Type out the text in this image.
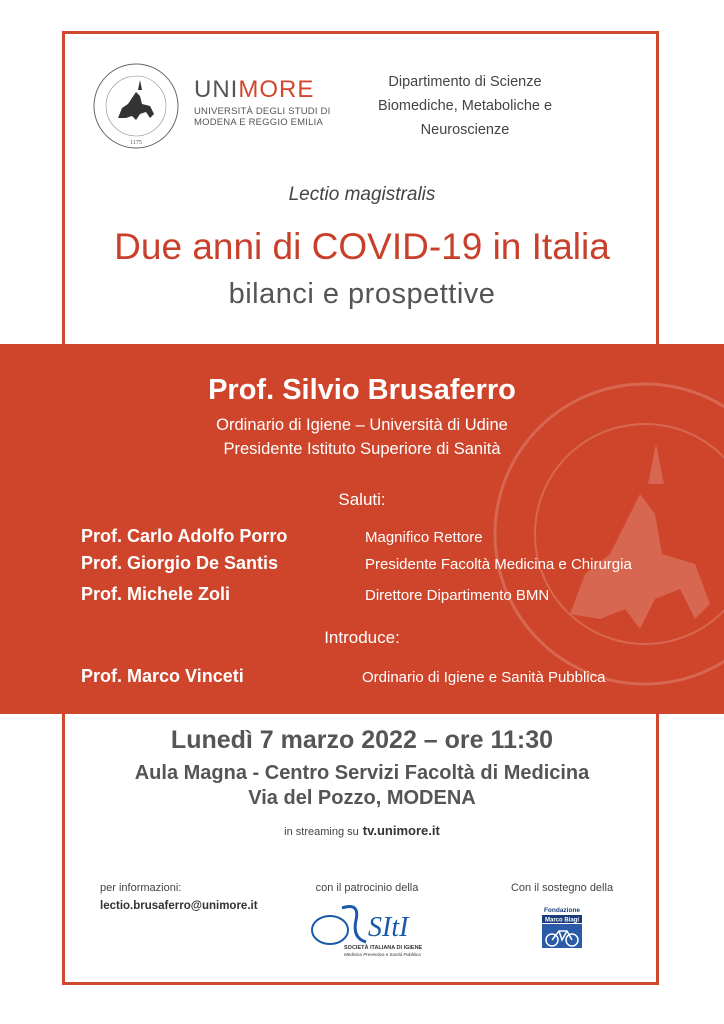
1175
UNIMORE
UNIVERSITÀ DEGLI STUDI DI
MODENA E REGGIO EMILIA
Dipartimento di Scienze
Biomediche, Metaboliche e
Neuroscienze
Lectio magistralis
Due anni di COVID-19 in Italia
bilanci e prospettive
Prof. Silvio Brusaferro
Ordinario di Igiene – Università di Udine
Presidente Istituto Superiore di Sanità
Saluti:
Prof. Carlo Adolfo Porro	Magnifico Rettore
Prof. Giorgio De Santis	Presidente Facoltà Medicina e Chirurgia
Prof. Michele Zoli	Direttore Dipartimento BMN
Introduce:
Prof. Marco Vinceti	Ordinario di Igiene e Sanità Pubblica
Lunedì 7 marzo 2022 – ore 11:30
Aula Magna - Centro Servizi Facoltà di Medicina
Via del Pozzo, MODENA
in streaming su tv.unimore.it
per informazioni:
lectio.brusaferro@unimore.it
con il patrocinio della
SItI
SOCIETÀ ITALIANA DI IGIENE
Medicina Preventiva e Sanità Pubblica
Con il sostegno della
Fondazione
Marco Biagi
